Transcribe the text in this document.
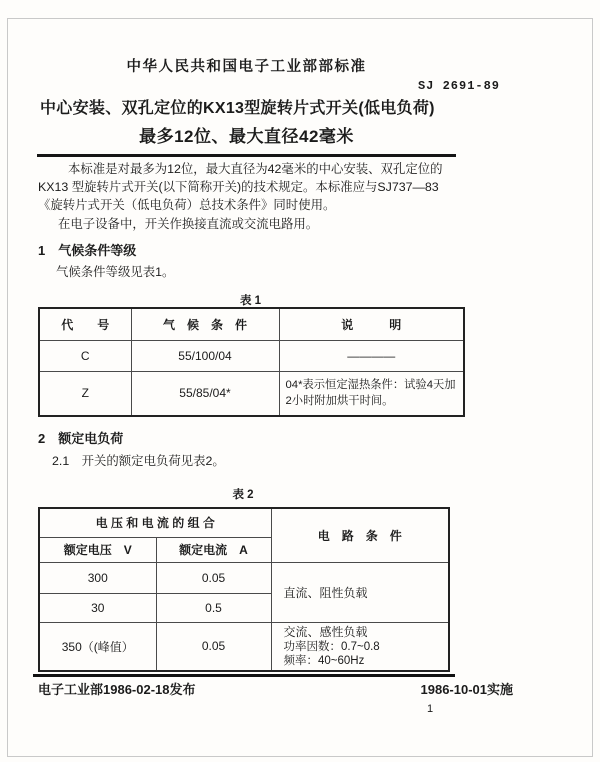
中华人民共和国电子工业部部标准
SJ 2691-89
中心安装、双孔定位的KX13型旋转片式开关(低电负荷)
最多12位、最大直径42毫米

本标准是对最多为12位，最大直径为42毫米的中心安装、双孔定位的KX13 型旋转片式开关(以下简称开关)的技术规定。本标准应与SJ737—83《旋转片式开关（低电负荷）总技术条件》同时使用。

在电子设备中，开关作换接直流或交流电路用。

1　气候条件等级
气候条件等级见表1。
表 1
代　　号	气　候　条　件	说　　　明
C	55/100/04	————
Z	55/85/04*	04*表示恒定湿热条件：试验4天加2小时附加烘干时间。
2　额定电负荷
2.1　开关的额定电负荷见表2。
表 2
电 压 和 电 流 的 组 合		电　路　条　件
额定电压　V	额定电流　A	
300	0.05	直流、阻性负载
30	0.5	
350（(峰值）	0.05	交流、感性负载
功率因数：0.7~0.8
频率：40~60Hz
电子工业部1986-02-18发布	1986-10-01实施
1
